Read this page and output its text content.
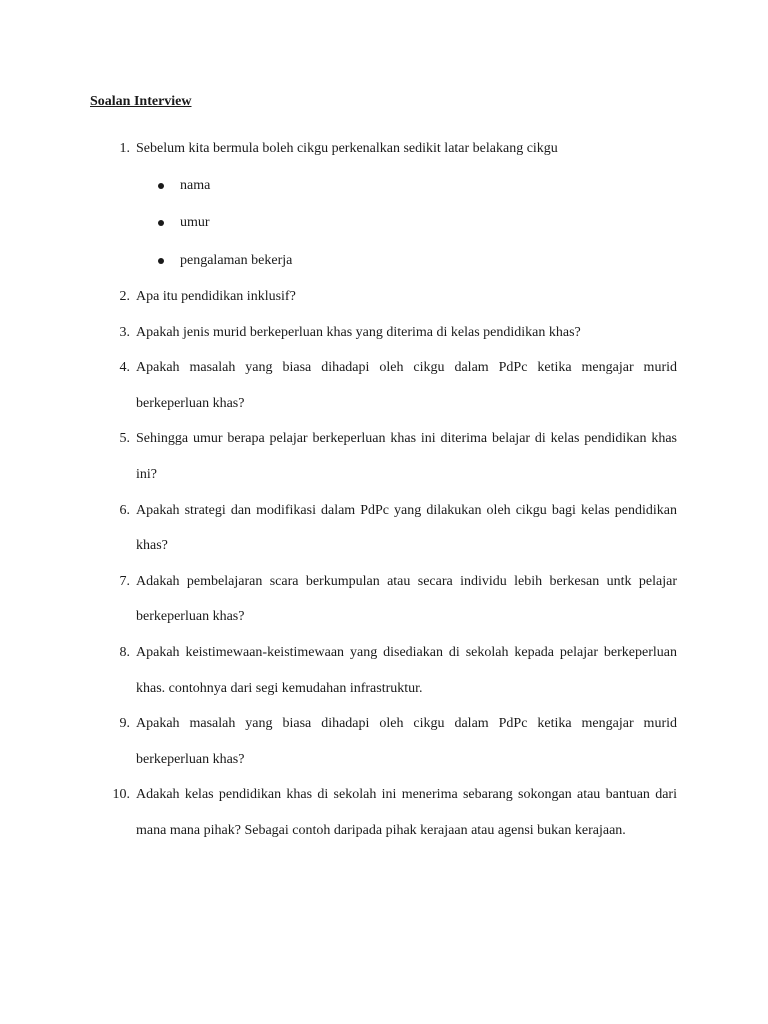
Soalan Interview
1. Sebelum kita bermula boleh cikgu perkenalkan sedikit latar belakang cikgu
nama
umur
pengalaman bekerja
2. Apa itu pendidikan inklusif?
3. Apakah jenis murid berkeperluan khas yang diterima di kelas pendidikan khas?
4. Apakah masalah yang biasa dihadapi oleh cikgu dalam PdPc ketika mengajar murid berkeperluan khas?
5. Sehingga umur berapa pelajar berkeperluan khas ini diterima belajar di kelas pendidikan khas ini?
6. Apakah strategi dan modifikasi dalam PdPc yang dilakukan oleh cikgu bagi kelas pendidikan khas?
7. Adakah pembelajaran scara berkumpulan atau secara individu lebih berkesan untk pelajar berkeperluan khas?
8. Apakah keistimewaan-keistimewaan yang disediakan di sekolah kepada pelajar berkeperluan khas. contohnya dari segi kemudahan infrastruktur.
9. Apakah masalah yang biasa dihadapi oleh cikgu dalam PdPc ketika mengajar murid berkeperluan khas?
10. Adakah kelas pendidikan khas di sekolah ini menerima sebarang sokongan atau bantuan dari mana mana pihak? Sebagai contoh daripada pihak kerajaan atau agensi bukan kerajaan.
